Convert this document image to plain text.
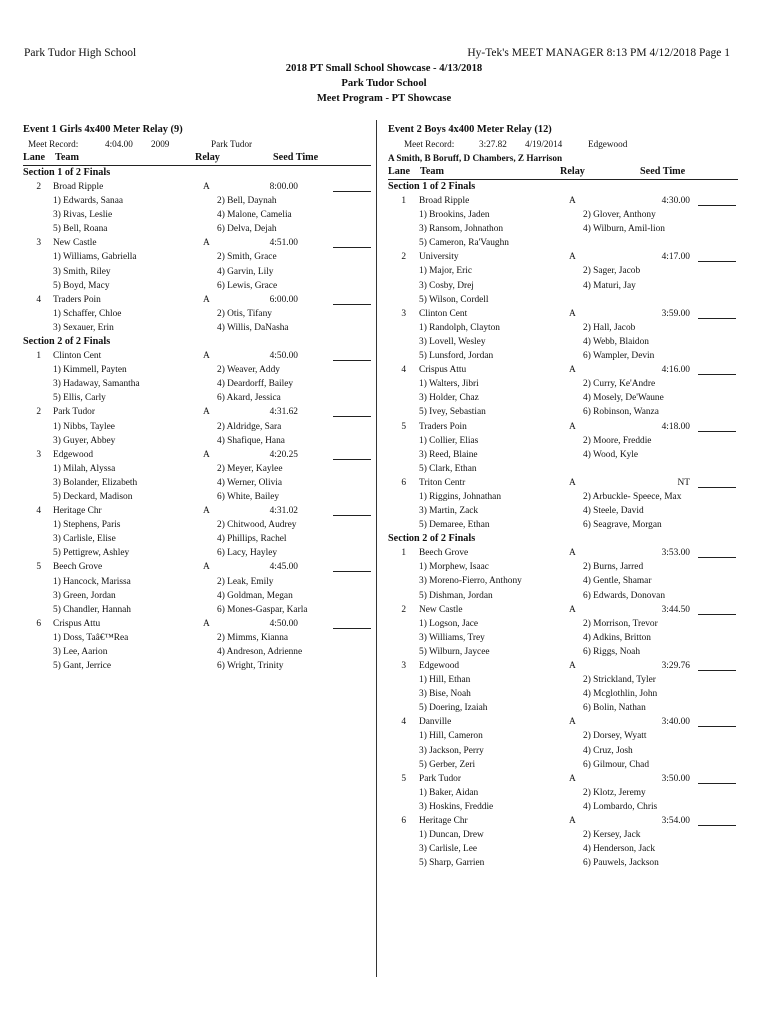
Park Tudor High School	Hy-Tek's MEET MANAGER 8:13 PM 4/12/2018 Page 1
2018 PT Small School Showcase - 4/13/2018
Park Tudor School
Meet Program - PT Showcase
Event 1 Girls 4x400 Meter Relay (9)
Meet Record:	4:04.00 2009	Park Tudor
Lane Team	Relay	Seed Time
Section 1 of 2 Finals
2 Broad Ripple	A	8:00.00
1) Edwards, Sanaa	2) Bell, Daynah
3) Rivas, Leslie	4) Malone, Camelia
5) Bell, Roana	6) Delva, Dejah
3 New Castle	A	4:51.00
1) Williams, Gabriella	2) Smith, Grace
3) Smith, Riley	4) Garvin, Lily
5) Boyd, Macy	6) Lewis, Grace
4 Traders Poin	A	6:00.00
1) Schaffer, Chloe	2) Otis, Tifany
3) Sexauer, Erin	4) Willis, DaNasha
Section 2 of 2 Finals
1 Clinton Cent	A	4:50.00
1) Kimmell, Payten	2) Weaver, Addy
3) Hadaway, Samantha	4) Deardorff, Bailey
5) Ellis, Carly	6) Akard, Jessica
2 Park Tudor	A	4:31.62
1) Nibbs, Taylee	2) Aldridge, Sara
3) Guyer, Abbey	4) Shafique, Hana
3 Edgewood	A	4:20.25
1) Milah, Alyssa	2) Meyer, Kaylee
3) Bolander, Elizabeth	4) Werner, Olivia
5) Deckard, Madison	6) White, Bailey
4 Heritage Chr	A	4:31.02
1) Stephens, Paris	2) Chitwood, Audrey
3) Carlisle, Elise	4) Phillips, Rachel
5) Pettigrew, Ashley	6) Lacy, Hayley
5 Beech Grove	A	4:45.00
1) Hancock, Marissa	2) Leak, Emily
3) Green, Jordan	4) Goldman, Megan
5) Chandler, Hannah	6) Mones-Gaspar, Karla
6 Crispus Attu	A	4:50.00
1) Doss, Taâ€™Rea	2) Mimms, Kianna
3) Lee, Aarion	4) Andreson, Adrienne
5) Gant, Jerrice	6) Wright, Trinity
Event 2 Boys 4x400 Meter Relay (12)
Meet Record:	3:27.82 4/19/2014	Edgewood
A Smith, B Boruff, D Chambers, Z Harrison
Lane Team	Relay	Seed Time
Section 1 of 2 Finals
1 Broad Ripple	A	4:30.00
1) Brookins, Jaden	2) Glover, Anthony
3) Ransom, Johnathon	4) Wilburn, Amil-lion
5) Cameron, Ra'Vaughn
2 University	A	4:17.00
1) Major, Eric	2) Sager, Jacob
3) Cosby, Drej	4) Maturi, Jay
5) Wilson, Cordell
3 Clinton Cent	A	3:59.00
1) Randolph, Clayton	2) Hall, Jacob
3) Lovell, Wesley	4) Webb, Blaidon
5) Lunsford, Jordan	6) Wampler, Devin
4 Crispus Attu	A	4:16.00
1) Walters, Jibri	2) Curry, Ke'Andre
3) Holder, Chaz	4) Mosely, De'Waune
5) Ivey, Sebastian	6) Robinson, Wanza
5 Traders Poin	A	4:18.00
1) Collier, Elias	2) Moore, Freddie
3) Reed, Blaine	4) Wood, Kyle
5) Clark, Ethan
6 Triton Centr	A	NT
1) Riggins, Johnathan	2) Arbuckle- Speece, Max
3) Martin, Zack	4) Steele, David
5) Demaree, Ethan	6) Seagrave, Morgan
Section 2 of 2 Finals
1 Beech Grove	A	3:53.00
1) Morphew, Isaac	2) Burns, Jarred
3) Moreno-Fierro, Anthony	4) Gentle, Shamar
5) Dishman, Jordan	6) Edwards, Donovan
2 New Castle	A	3:44.50
1) Logson, Jace	2) Morrison, Trevor
3) Williams, Trey	4) Adkins, Britton
5) Wilburn, Jaycee	6) Riggs, Noah
3 Edgewood	A	3:29.76
1) Hill, Ethan	2) Strickland, Tyler
3) Bise, Noah	4) Mcglothlin, John
5) Doering, Izaiah	6) Bolin, Nathan
4 Danville	A	3:40.00
1) Hill, Cameron	2) Dorsey, Wyatt
3) Jackson, Perry	4) Cruz, Josh
5) Gerber, Zeri	6) Gilmour, Chad
5 Park Tudor	A	3:50.00
1) Baker, Aidan	2) Klotz, Jeremy
3) Hoskins, Freddie	4) Lombardo, Chris
6 Heritage Chr	A	3:54.00
1) Duncan, Drew	2) Kersey, Jack
3) Carlisle, Lee	4) Henderson, Jack
5) Sharp, Garrien	6) Pauwels, Jackson
